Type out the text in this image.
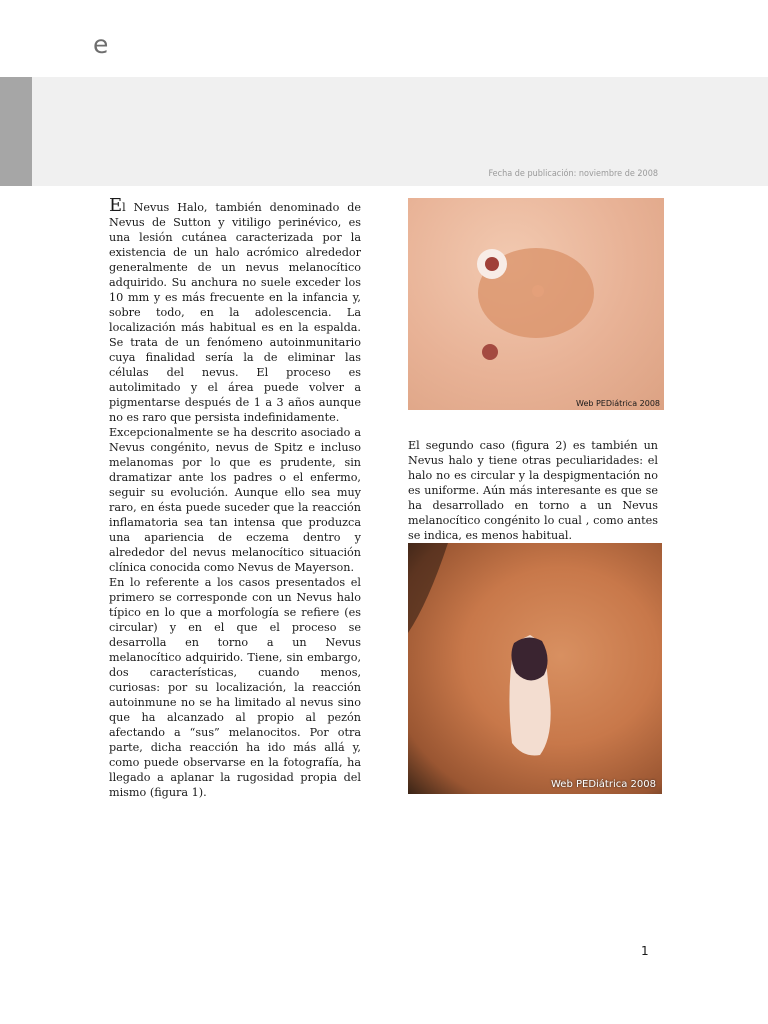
e
Fecha de publicación: noviembre de 2008

El Nevus Halo, también denominado de Nevus de Sutton y vitiligo perinévico, es una lesión cutánea caracterizada por la existencia de un halo acrómico alrededor generalmente de un nevus melanocítico adquirido. Su anchura no suele exceder los 10 mm y es más frecuente en la infancia y, sobre todo, en la adolescencia. La localización más habitual es en la espalda. Se trata de un fenómeno autoinmunitario cuya finalidad sería la de eliminar las células del nevus. El proceso es autolimitado y el área puede volver a pigmentarse después de 1 a 3 años aunque no es raro que persista indefinidamente.

Excepcionalmente se ha descrito asociado a Nevus congénito, nevus de Spitz e incluso melanomas por lo que es prudente, sin dramatizar ante los padres o el enfermo, seguir su evolución. Aunque ello sea muy raro, en ésta puede suceder que la reacción inflamatoria sea tan intensa que produzca una apariencia de eczema dentro y alrededor del nevus melanocítico situación clínica conocida como Nevus de Mayerson.

En lo referente a los casos presentados el primero se corresponde con un Nevus halo típico en lo que a morfología se refiere (es circular) y en el que el proceso se desarrolla en torno a un Nevus melanocítico adquirido. Tiene, sin embargo, dos características, cuando menos, curiosas: por su localización, la reacción autoinmune no se ha limitado al nevus sino que ha alcanzado al propio al pezón afectando a “sus” melanocitos. Por otra parte, dicha reacción ha ido más allá y, como puede observarse en la fotografía, ha llegado a aplanar la rugosidad propia del mismo (figura 1).

Web PEDiátrica 2008

El segundo caso (figura 2) es también un Nevus halo y tiene otras peculiaridades: el halo no es circular y la despigmentación no es uniforme. Aún más interesante es que se ha desarrollado en torno a un Nevus melanocítico congénito lo cual , como antes se indica, es menos habitual.

Web PEDiátrica 2008
1
